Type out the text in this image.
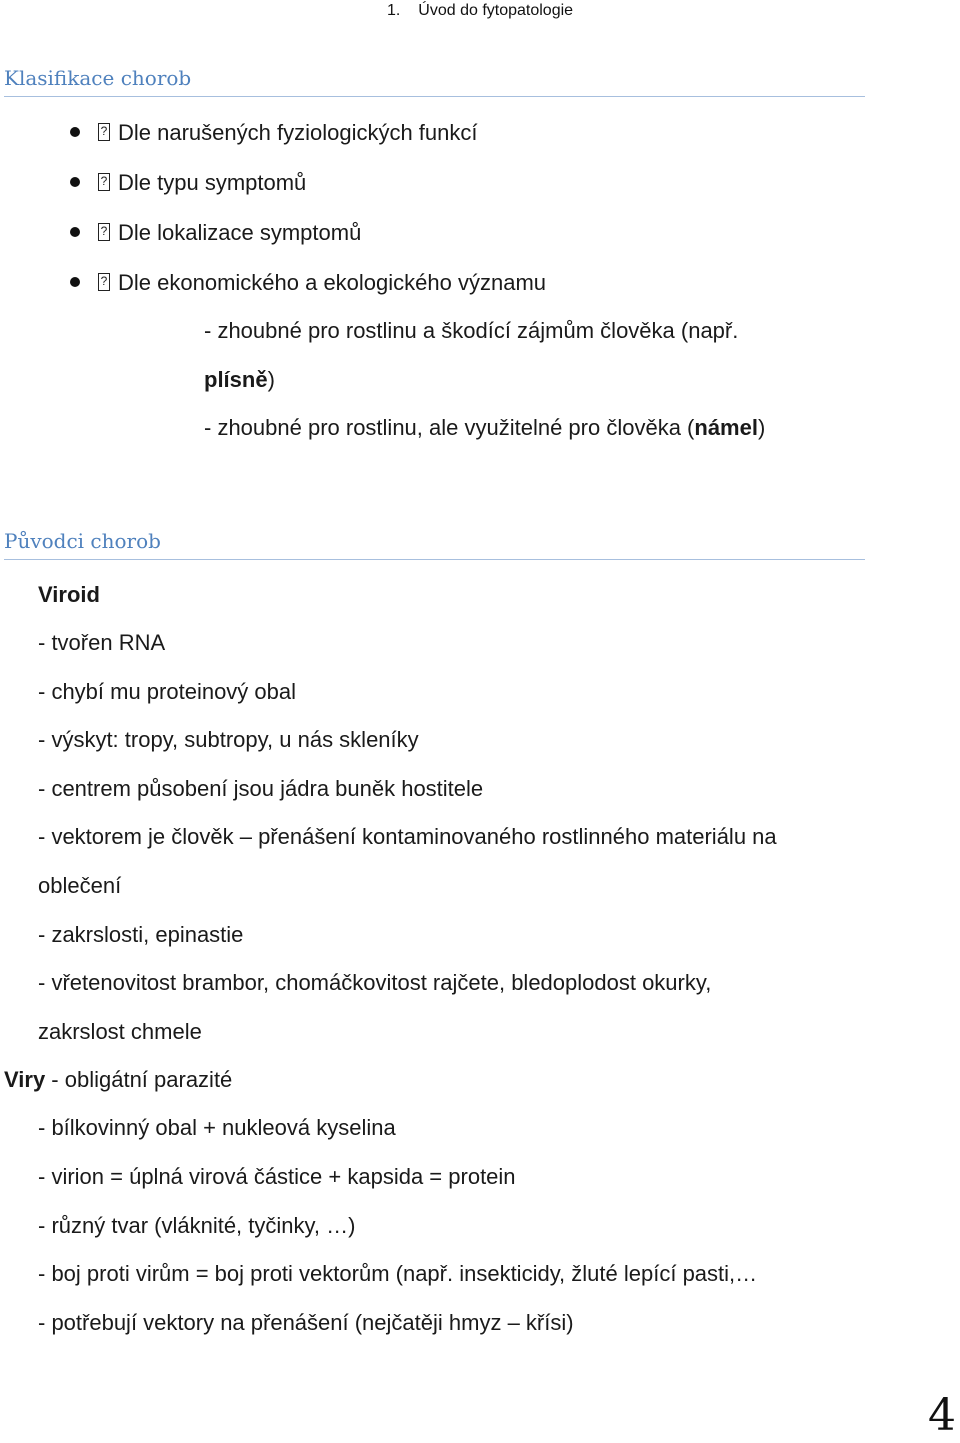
1. Úvod do fytopatologie
Klasifikace chorob
? Dle narušených fyziologických funkcí
? Dle typu symptomů
? Dle lokalizace symptomů
? Dle ekonomického a ekologického významu
- zhoubné pro rostlinu a škodící zájmům člověka (např.
plísně)
- zhoubné pro rostlinu, ale využitelné pro člověka (námel)
Původci chorob
Viroid
- tvořen RNA
- chybí mu proteinový obal
- výskyt: tropy, subtropy, u nás skleníky
- centrem působení jsou jádra buněk hostitele
- vektorem je člověk – přenášení kontaminovaného rostlinného materiálu na
oblečení
- zakrslosti, epinastie
- vřetenovitost brambor, chomáčkovitost rajčete, bledoplodost okurky,
zakrslost chmele
Viry - obligátní parazité
- bílkovinný obal + nukleová kyselina
- virion = úplná virová částice + kapsida = protein
- různý tvar (vláknité, tyčinky, …)
- boj proti virům = boj proti vektorům (např. insekticidy, žluté lepící pasti,…
- potřebují vektory na přenášení (nejčatěji hmyz – křísi)
4
